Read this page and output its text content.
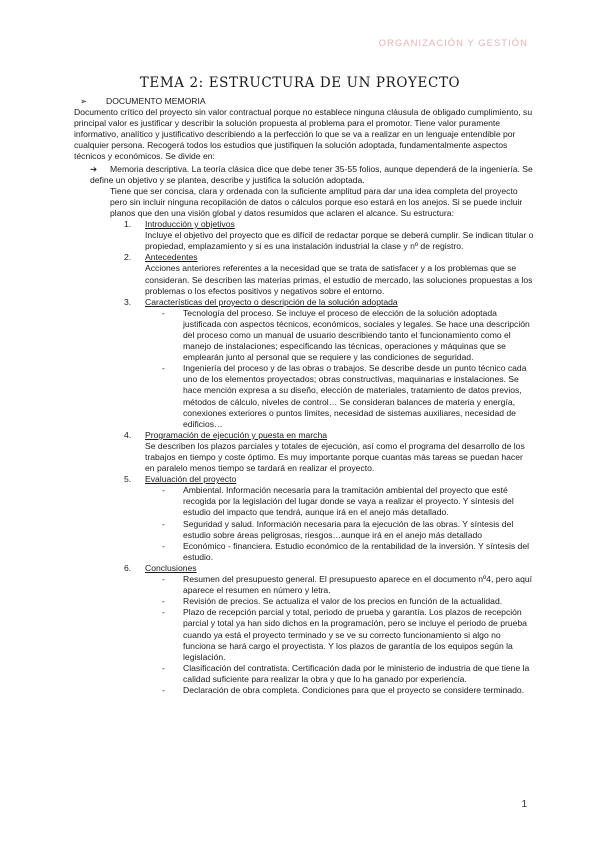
ORGANIZACIÓN Y GESTIÓN
TEMA 2: ESTRUCTURA DE UN PROYECTO
➢ DOCUMENTO MEMORIA
Documento crítico del proyecto sin valor contractual porque no establece ninguna cláusula de obligado cumplimiento, su principal valor es justificar y describir la solución propuesta al problema para el promotor. Tiene valor puramente informativo, analítico y justificativo describiendo a la perfección lo que se va a realizar en un lenguaje entendible por cualquier persona. Recogerá todos los estudios que justifiquen la solución adoptada, fundamentalmente aspectos técnicos y económicos. Se divide en:
➔ Memoria descriptiva. La teoría clásica dice que debe tener 35-55 folios, aunque dependerá de la ingeniería. Se define un objetivo y se plantea, describe y justifica la solución adoptada.
Tiene que ser concisa, clara y ordenada con la suficiente amplitud para dar una idea completa del proyecto pero sin incluir ninguna recopilación de datos o cálculos porque eso estará en los anejos. Si se puede incluir planos que den una visión global y datos resumidos que aclaren el alcance. Su estructura:
1. Introducción y objetivos
Incluye el objetivo del proyecto que es difícil de redactar porque se deberá cumplir. Se indican titular o propiedad, emplazamiento y si es una instalación industrial la clase y nº de registro.
2. Antecedentes
Acciones anteriores referentes a la necesidad que se trata de satisfacer y a los problemas que se consideran. Se describen las materias primas, el estudio de mercado, las soluciones propuestas a los problemas o los efectos positivos y negativos sobre el entorno.
3. Características del proyecto o descripción de la solución adoptada
- Tecnología del proceso. Se incluye el proceso de elección de la solución adoptada justificada con aspectos técnicos, económicos, sociales y legales. Se hace una descripción del proceso como un manual de usuario describiendo tanto el funcionamiento como el manejo de instalaciones; especificando las técnicas, operaciones y máquinas que se emplearán junto al personal que se requiere y las condiciones de seguridad.
- Ingeniería del proceso y de las obras o trabajos. Se describe desde un punto técnico cada uno de los elementos proyectados; obras constructivas, maquinarias e instalaciones. Se hace mención expresa a su diseño, elección de materiales, tratamiento de datos previos, métodos de cálculo, niveles de control… Se consideran balances de materia y energía, conexiones exteriores o puntos límites, necesidad de sistemas auxiliares, necesidad de edificios…
4. Programación de ejecución y puesta en marcha
Se describen los plazos parciales y totales de ejecución, así como el programa del desarrollo de los trabajos en tiempo y coste óptimo. Es muy importante porque cuantas más tareas se puedan hacer en paralelo menos tiempo se tardará en realizar el proyecto.
5. Evaluación del proyecto
- Ambiental. Información necesaria para la tramitación ambiental del proyecto que esté recogida por la legislación del lugar donde se vaya a realizar el proyecto. Y síntesis del estudio del impacto que tendrá, aunque irá en el anejo más detallado.
- Seguridad y salud. Información necesaria para la ejecución de las obras. Y síntesis del estudio sobre áreas peligrosas, riesgos…aunque irá en el anejo más detallado
- Económico - financiera. Estudio económico de la rentabilidad de la inversión. Y síntesis del estudio.
6. Conclusiones
- Resumen del presupuesto general. El presupuesto aparece en el documento nº4, pero aquí aparece el resumen en número y letra.
- Revisión de precios. Se actualiza el valor de los precios en función de la actualidad.
- Plazo de recepción parcial y total, periodo de prueba y garantía. Los plazos de recepción parcial y total ya han sido dichos en la programación, pero se incluye el periodo de prueba cuando ya está el proyecto terminado y se ve su correcto funcionamiento si algo no funciona se hará cargo el proyectista. Y los plazos de garantía de los equipos según la legislación.
- Clasificación del contratista. Certificación dada por le ministerio de industria de que tiene la calidad suficiente para realizar la obra y que lo ha ganado por experiencia.
- Declaración de obra completa. Condiciones para que el proyecto se considere terminado.
1
